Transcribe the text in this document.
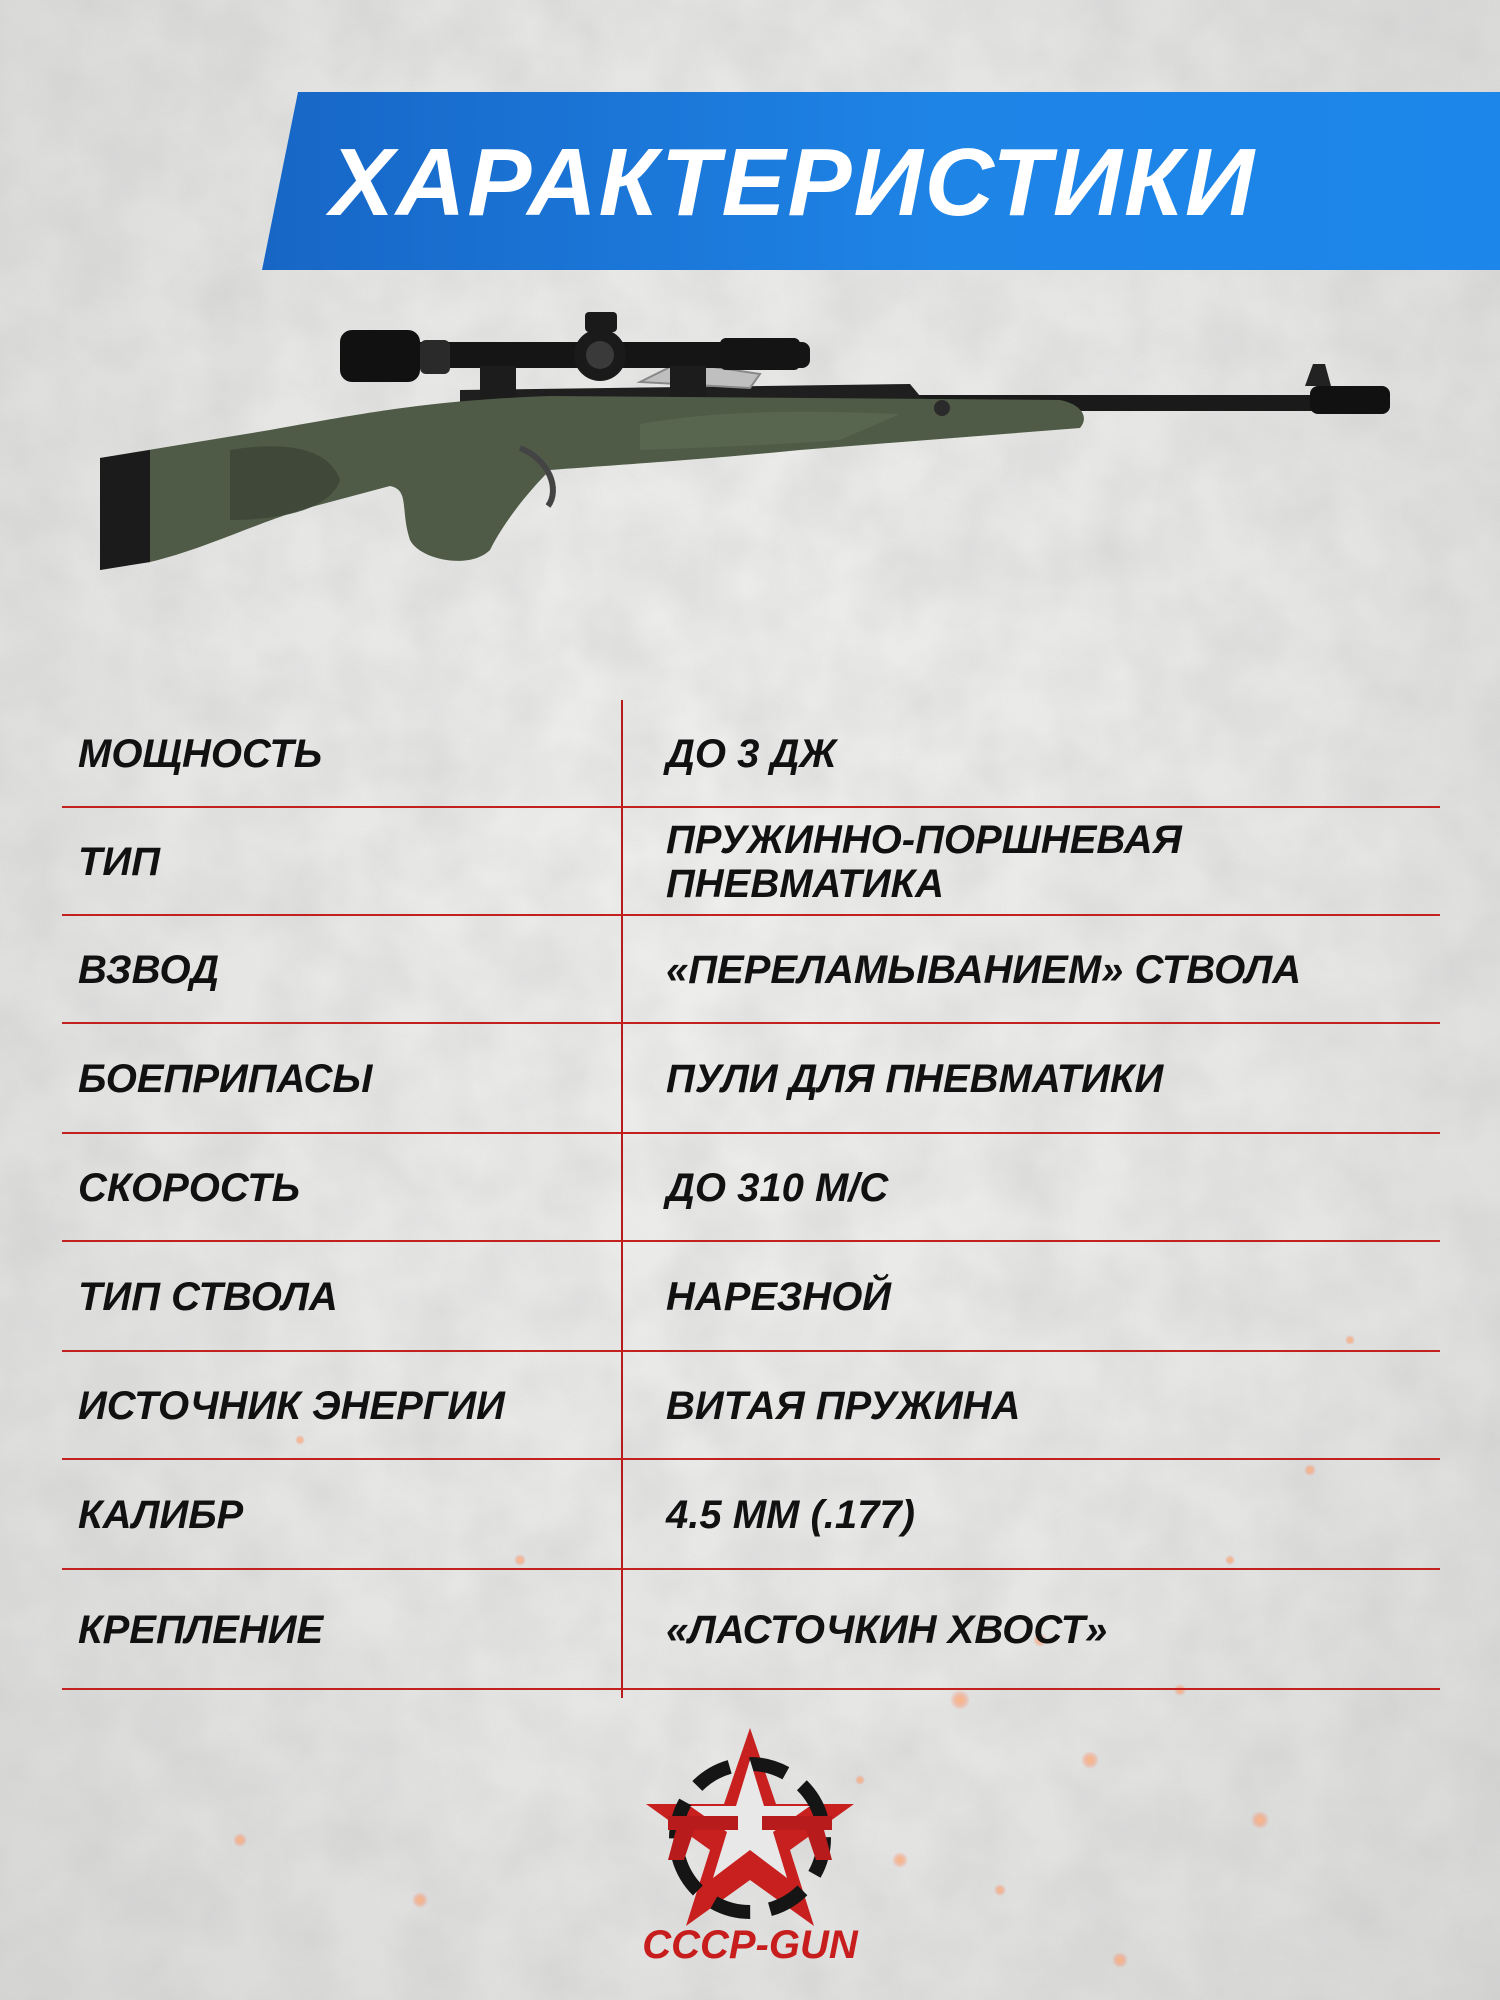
ХАРАКТЕРИСТИКИ
МОЩНОСТЬ	ДО 3 ДЖ
ТИП	ПРУЖИННО-ПОРШНЕВАЯ ПНЕВМАТИКА
ВЗВОД	«ПЕРЕЛАМЫВАНИЕМ» СТВОЛА
БОЕПРИПАСЫ	ПУЛИ ДЛЯ ПНЕВМАТИКИ
СКОРОСТЬ	ДО 310 М/С
ТИП СТВОЛА	НАРЕЗНОЙ
ИСТОЧНИК ЭНЕРГИИ	ВИТАЯ ПРУЖИНА
КАЛИБР	4.5 ММ (.177)
КРЕПЛЕНИЕ	«ЛАСТОЧКИН ХВОСТ»
СССР-GUN
